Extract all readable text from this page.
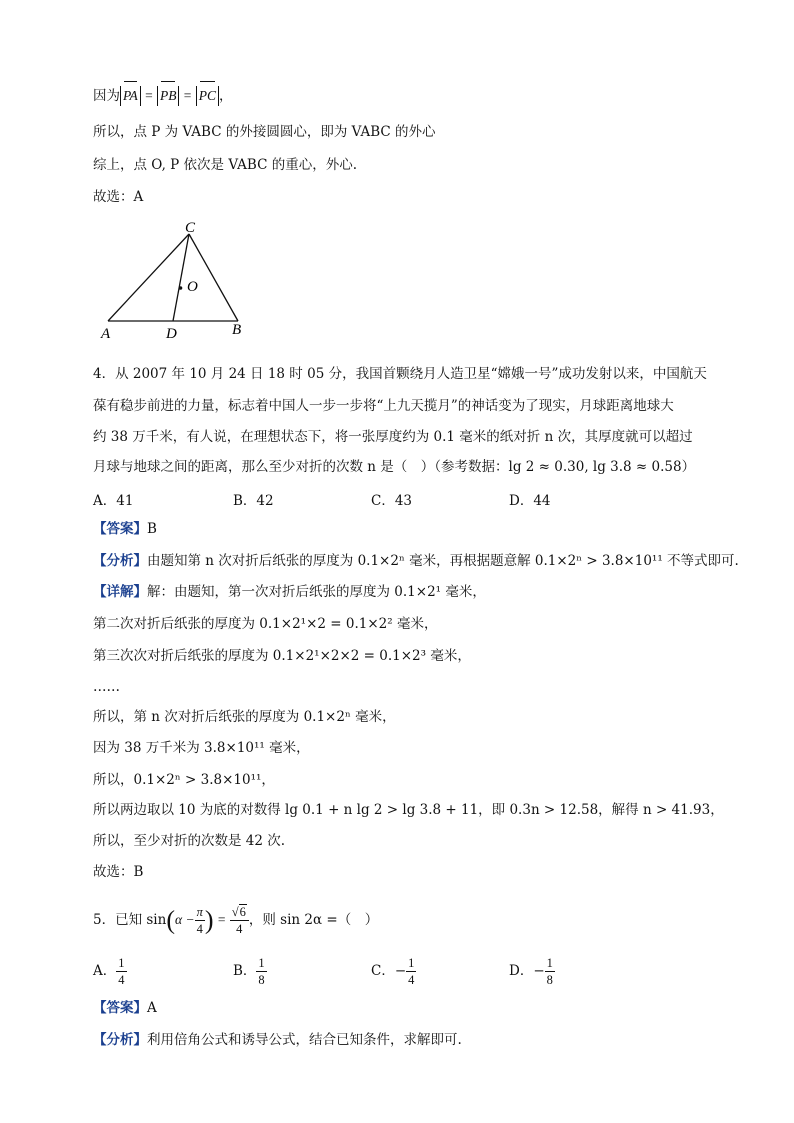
因为 PA = PB = PC ，
所以，点 P 为 VABC 的外接圆圆心，即为 VABC 的外心
综上，点 O, P 依次是 VABC 的重心，外心.
故选：A
C
O
A	D	B
4．从 2007 年 10 月 24 日 18 时 05 分，我国首颗绕月人造卫星“嫦娥一号”成功发射以来，中国航天
葆有稳步前进的力量，标志着中国人一步一步将“上九天揽月”的神话变为了现实，月球距离地球大
约 38 万千米，有人说，在理想状态下，将一张厚度约为 0.1 毫米的纸对折 n 次，其厚度就可以超过
月球与地球之间的距离，那么至少对折的次数 n 是（　）（参考数据：lg 2 ≈ 0.30, lg 3.8 ≈ 0.58）
A．41	B．42	C．43	D．44
【答案】B
【分析】由题知第 n 次对折后纸张的厚度为 0.1×2ⁿ 毫米，再根据题意解 0.1×2ⁿ > 3.8×10¹¹ 不等式即可.
【详解】解：由题知，第一次对折后纸张的厚度为 0.1×2¹ 毫米，
第二次对折后纸张的厚度为 0.1×2¹×2 = 0.1×2² 毫米，
第三次次对折后纸张的厚度为 0.1×2¹×2×2 = 0.1×2³ 毫米，
……
所以，第 n 次对折后纸张的厚度为 0.1×2ⁿ 毫米，
因为 38 万千米为 3.8×10¹¹ 毫米，
所以，0.1×2ⁿ > 3.8×10¹¹，
所以两边取以 10 为底的对数得 lg 0.1 + n lg 2 > lg 3.8 + 11，即 0.3n > 12.58，解得 n > 41.93，
所以，至少对折的次数是 42 次.
故选：B
5．已知 $\sin(\alpha - \frac{\pi}{4}$ ) = $\frac{√6}{4}$ ，则 sin 2α =（　）
A． $\frac{1}{4}$	B． $\frac{1}{8}$	C．− $\frac{1}{4}$	D．− $\frac{1}{8}$
【答案】A
【分析】利用倍角公式和诱导公式，结合已知条件，求解即可.
